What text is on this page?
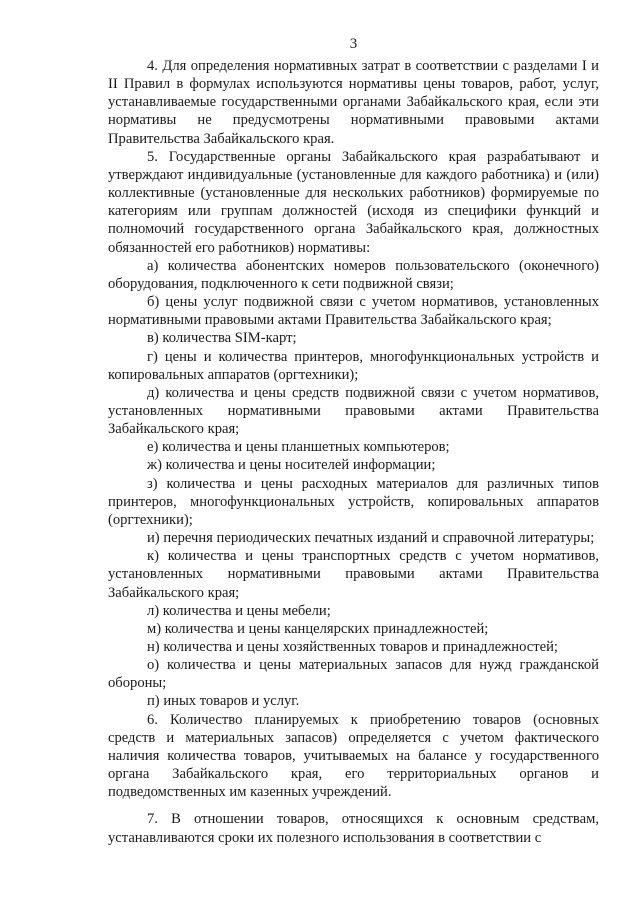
3

4. Для определения нормативных затрат в соответствии с разделами I и II Правил в формулах используются нормативы цены товаров, работ, услуг, устанавливаемые государственными органами Забайкальского края, если эти нормативы не предусмотрены нормативными правовыми актами Правительства Забайкальского края.

5. Государственные органы Забайкальского края разрабатывают и утверждают индивидуальные (установленные для каждого работника) и (или) коллективные (установленные для нескольких работников) формируемые по категориям или группам должностей (исходя из специфики функций и полномочий государственного органа Забайкальского края, должностных обязанностей его работников) нормативы:

а) количества абонентских номеров пользовательского (оконечного) оборудования, подключенного к сети подвижной связи;

б) цены услуг подвижной связи с учетом нормативов, установленных нормативными правовыми актами Правительства Забайкальского края;

в) количества SIM-карт;

г) цены и количества принтеров, многофункциональных устройств и копировальных аппаратов (оргтехники);

д) количества и цены средств подвижной связи с учетом нормативов, установленных нормативными правовыми актами Правительства Забайкальского края;

е) количества и цены планшетных компьютеров;

ж) количества и цены носителей информации;

з) количества и цены расходных материалов для различных типов принтеров, многофункциональных устройств, копировальных аппаратов (оргтехники);

и) перечня периодических печатных изданий и справочной литературы;

к) количества и цены транспортных средств с учетом нормативов, установленных нормативными правовыми актами Правительства Забайкальского края;

л) количества и цены мебели;

м) количества и цены канцелярских принадлежностей;

н) количества и цены хозяйственных товаров и принадлежностей;

о) количества и цены материальных запасов для нужд гражданской обороны;

п) иных товаров и услуг.

6. Количество планируемых к приобретению товаров (основных средств и материальных запасов) определяется с учетом фактического наличия количества товаров, учитываемых на балансе у государственного органа Забайкальского края, его территориальных органов и подведомственных им казенных учреждений.

7. В отношении товаров, относящихся к основным средствам, устанавливаются сроки их полезного использования в соответствии с
